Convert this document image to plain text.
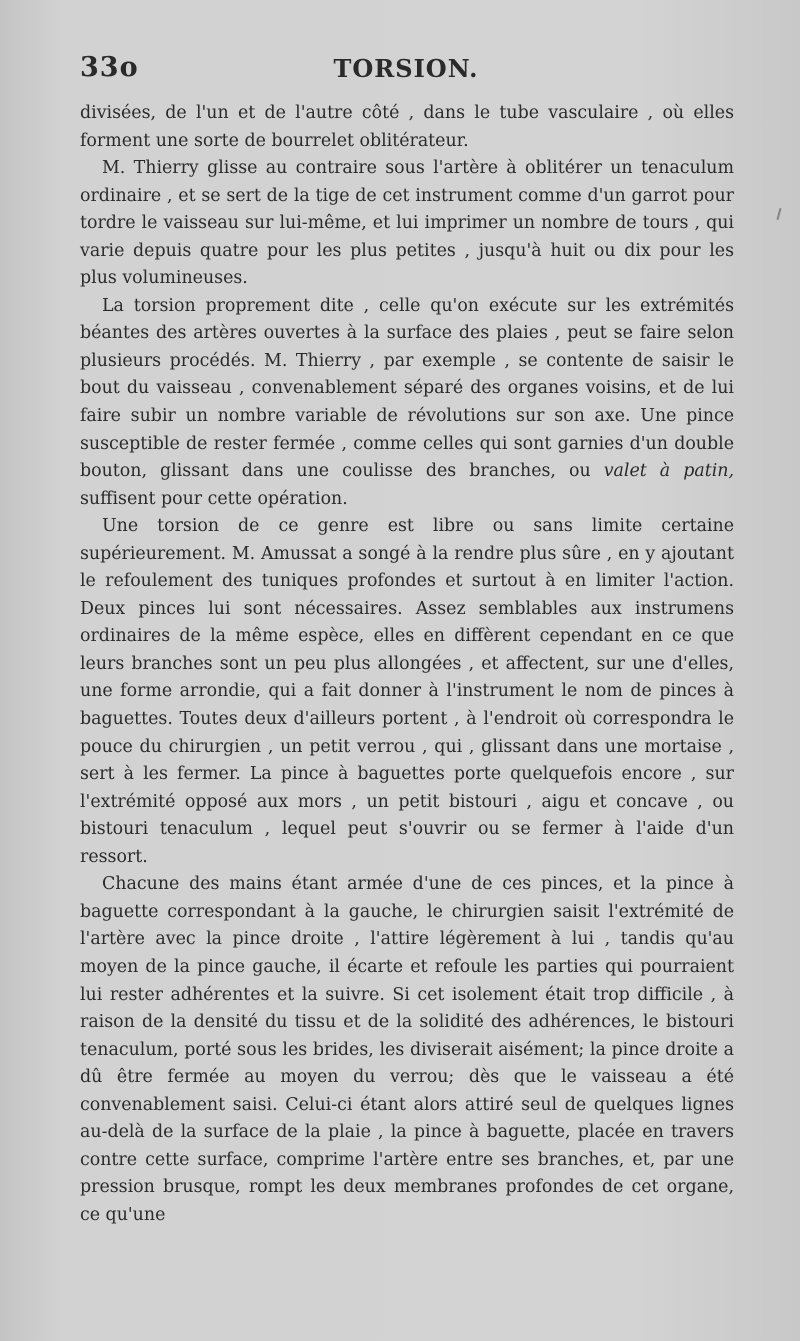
33o	TORSION.

divisées, de l'un et de l'autre côté , dans le tube vasculaire , où elles forment une sorte de bourrelet oblitérateur.

M. Thierry glisse au contraire sous l'artère à oblitérer un tenaculum ordinaire , et se sert de la tige de cet instrument comme d'un garrot pour tordre le vaisseau sur lui-même, et lui imprimer un nombre de tours , qui varie depuis quatre pour les plus petites , jusqu'à huit ou dix pour les plus volumineuses.

La torsion proprement dite , celle qu'on exécute sur les extrémités béantes des artères ouvertes à la surface des plaies , peut se faire selon plusieurs procédés. M. Thierry , par exemple , se contente de saisir le bout du vaisseau , convenablement séparé des organes voisins, et de lui faire subir un nombre variable de révolutions sur son axe. Une pince susceptible de rester fermée , comme celles qui sont garnies d'un double bouton, glissant dans une coulisse des branches, ou valet à patin, suffisent pour cette opération.

Une torsion de ce genre est libre ou sans limite certaine supérieurement. M. Amussat a songé à la rendre plus sûre , en y ajoutant le refoulement des tuniques profondes et surtout à en limiter l'action. Deux pinces lui sont nécessaires. Assez semblables aux instrumens ordinaires de la même espèce, elles en diffèrent cependant en ce que leurs branches sont un peu plus allongées , et affectent, sur une d'elles, une forme arrondie, qui a fait donner à l'instrument le nom de pinces à baguettes. Toutes deux d'ailleurs portent , à l'endroit où correspondra le pouce du chirurgien , un petit verrou , qui , glissant dans une mortaise , sert à les fermer. La pince à baguettes porte quelquefois encore , sur l'extrémité opposé aux mors , un petit bistouri , aigu et concave , ou bistouri tenaculum , lequel peut s'ouvrir ou se fermer à l'aide d'un ressort.

Chacune des mains étant armée d'une de ces pinces, et la pince à baguette correspondant à la gauche, le chirurgien saisit l'extrémité de l'artère avec la pince droite , l'attire légèrement à lui , tandis qu'au moyen de la pince gauche, il écarte et refoule les parties qui pourraient lui rester adhérentes et la suivre. Si cet isolement était trop difficile , à raison de la densité du tissu et de la solidité des adhérences, le bistouri tenaculum, porté sous les brides, les diviserait aisément; la pince droite a dû être fermée au moyen du verrou; dès que le vaisseau a été convenablement saisi. Celui-ci étant alors attiré seul de quelques lignes au-delà de la surface de la plaie , la pince à baguette, placée en travers contre cette surface, comprime l'artère entre ses branches, et, par une pression brusque, rompt les deux membranes profondes de cet organe, ce qu'une
